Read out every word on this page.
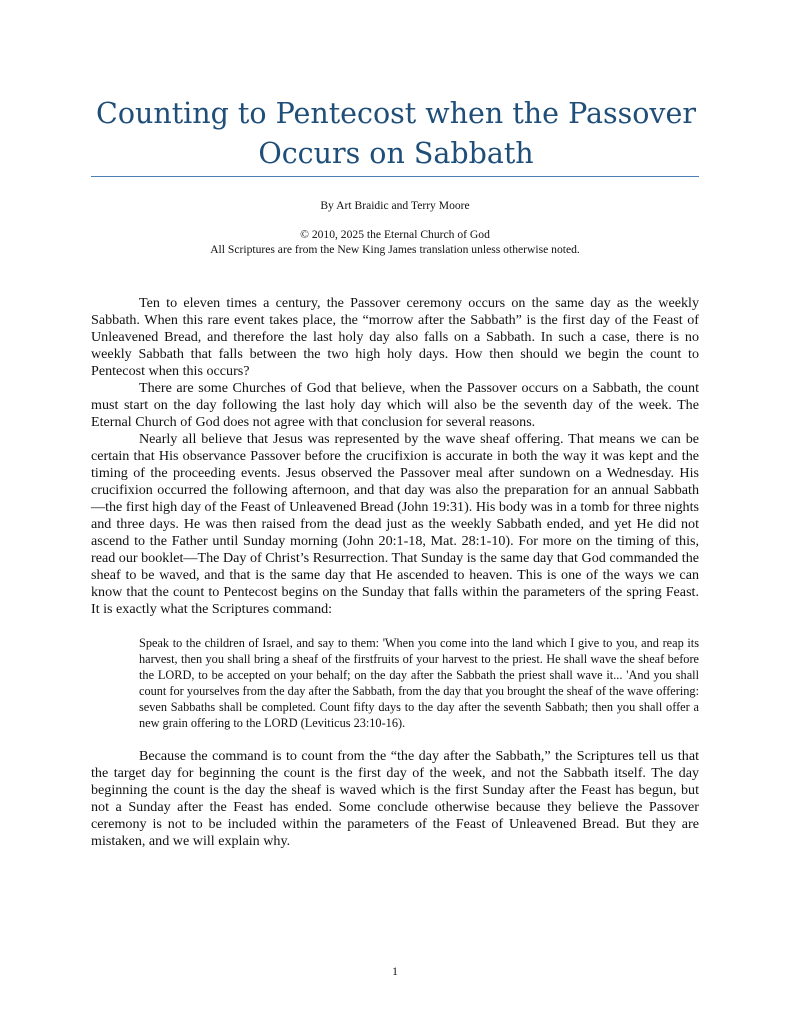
Counting to Pentecost when the Passover Occurs on Sabbath
By Art Braidic and Terry Moore
© 2010, 2025 the Eternal Church of God
All Scriptures are from the New King James translation unless otherwise noted.

Ten to eleven times a century, the Passover ceremony occurs on the same day as the weekly Sabbath. When this rare event takes place, the “morrow after the Sabbath” is the first day of the Feast of Unleavened Bread, and therefore the last holy day also falls on a Sabbath. In such a case, there is no weekly Sabbath that falls between the two high holy days. How then should we begin the count to Pentecost when this occurs?

There are some Churches of God that believe, when the Passover occurs on a Sabbath, the count must start on the day following the last holy day which will also be the seventh day of the week. The Eternal Church of God does not agree with that conclusion for several reasons.

Nearly all believe that Jesus was represented by the wave sheaf offering. That means we can be certain that His observance Passover before the crucifixion is accurate in both the way it was kept and the timing of the proceeding events. Jesus observed the Passover meal after sundown on a Wednesday. His crucifixion occurred the following afternoon, and that day was also the preparation for an annual Sabbath—the first high day of the Feast of Unleavened Bread (John 19:31). His body was in a tomb for three nights and three days. He was then raised from the dead just as the weekly Sabbath ended, and yet He did not ascend to the Father until Sunday morning (John 20:1-18, Mat. 28:1-10). For more on the timing of this, read our booklet—The Day of Christ’s Resurrection. That Sunday is the same day that God commanded the sheaf to be waved, and that is the same day that He ascended to heaven. This is one of the ways we can know that the count to Pentecost begins on the Sunday that falls within the parameters of the spring Feast. It is exactly what the Scriptures command:

Speak to the children of Israel, and say to them: 'When you come into the land which I give to you, and reap its harvest, then you shall bring a sheaf of the firstfruits of your harvest to the priest. He shall wave the sheaf before the LORD, to be accepted on your behalf; on the day after the Sabbath the priest shall wave it... 'And you shall count for yourselves from the day after the Sabbath, from the day that you brought the sheaf of the wave offering: seven Sabbaths shall be completed. Count fifty days to the day after the seventh Sabbath; then you shall offer a new grain offering to the LORD (Leviticus 23:10-16).

Because the command is to count from the “the day after the Sabbath,” the Scriptures tell us that the target day for beginning the count is the first day of the week, and not the Sabbath itself. The day beginning the count is the day the sheaf is waved which is the first Sunday after the Feast has begun, but not a Sunday after the Feast has ended. Some conclude otherwise because they believe the Passover ceremony is not to be included within the parameters of the Feast of Unleavened Bread. But they are mistaken, and we will explain why.

1
